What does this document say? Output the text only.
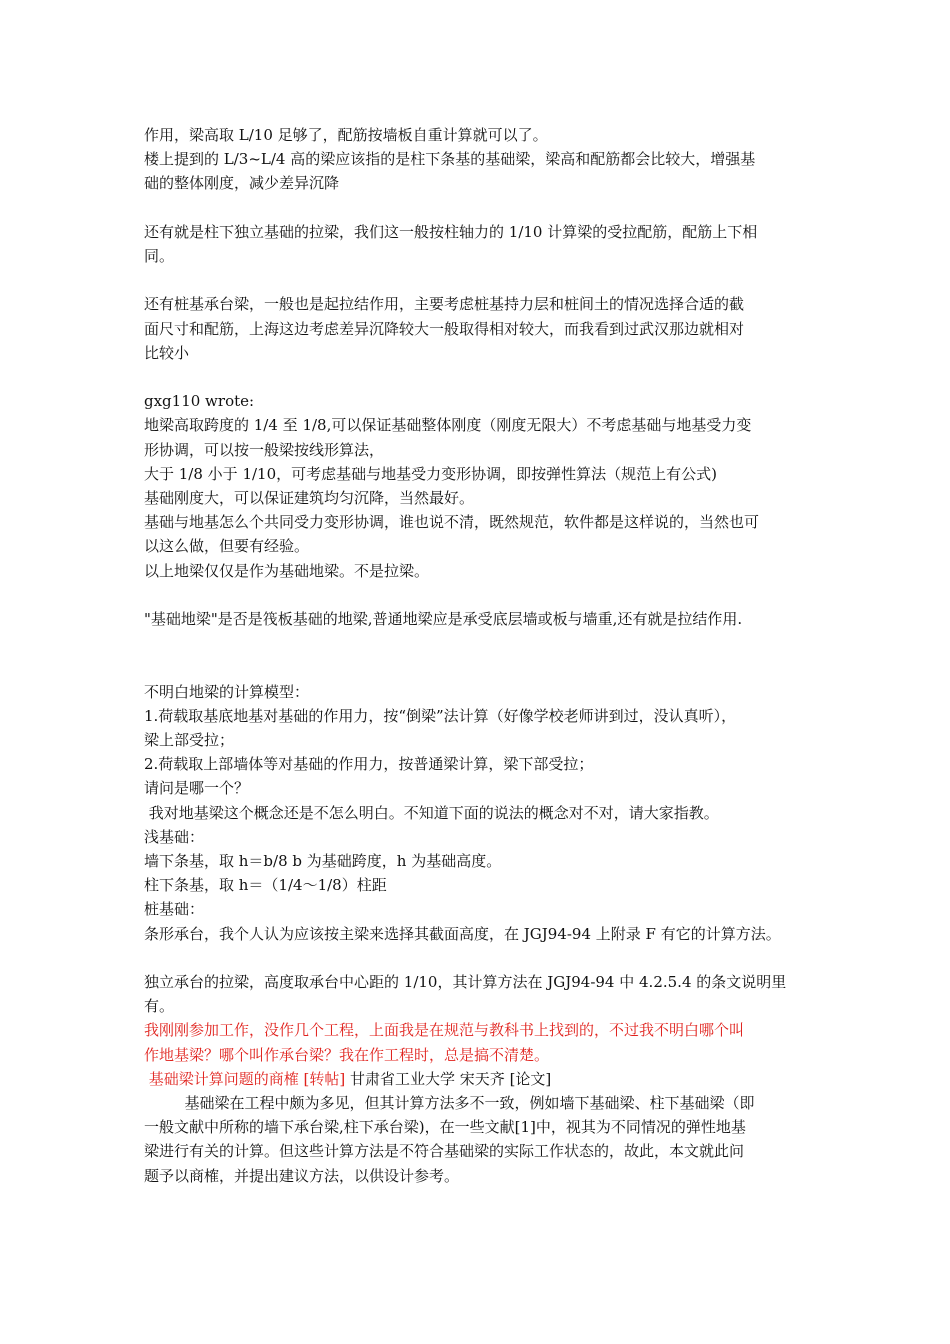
作用，梁高取 L/10 足够了，配筋按墙板自重计算就可以了。
楼上提到的 L/3~L/4 高的梁应该指的是柱下条基的基础梁，梁高和配筋都会比较大，增强基
础的整体刚度，减少差异沉降
还有就是柱下独立基础的拉梁，我们这一般按柱轴力的 1/10 计算梁的受拉配筋，配筋上下相
同。
还有桩基承台梁，一般也是起拉结作用，主要考虑桩基持力层和桩间土的情况选择合适的截
面尺寸和配筋，上海这边考虑差异沉降较大一般取得相对较大，而我看到过武汉那边就相对
比较小
gxg110 wrote:
地梁高取跨度的 1/4 至 1/8,可以保证基础整体刚度（刚度无限大）不考虑基础与地基受力变
形协调，可以按一般梁按线形算法，
大于 1/8 小于 1/10，可考虑基础与地基受力变形协调，即按弹性算法（规范上有公式)
基础刚度大，可以保证建筑均匀沉降，当然最好。
基础与地基怎么个共同受力变形协调，谁也说不清，既然规范，软件都是这样说的，当然也可
以这么做，但要有经验。
以上地梁仅仅是作为基础地梁。不是拉梁。
"基础地梁"是否是筏板基础的地梁,普通地梁应是承受底层墙或板与墙重,还有就是拉结作用.
不明白地梁的计算模型：
1.荷载取基底地基对基础的作用力，按“倒梁”法计算（好像学校老师讲到过，没认真听），
梁上部受拉；
2.荷载取上部墙体等对基础的作用力，按普通梁计算，梁下部受拉；
请问是哪一个？
我对地基梁这个概念还是不怎么明白。不知道下面的说法的概念对不对，请大家指教。
浅基础：
墙下条基，取 h＝b/8 b 为基础跨度，h 为基础高度。
柱下条基，取 h＝（1/4～1/8）柱距
桩基础：
条形承台，我个人认为应该按主梁来选择其截面高度，在 JGJ94-94 上附录 F 有它的计算方法。
独立承台的拉梁，高度取承台中心距的 1/10，其计算方法在 JGJ94-94 中 4.2.5.4 的条文说明里
有。
我刚刚参加工作，没作几个工程，上面我是在规范与教科书上找到的，不过我不明白哪个叫
作地基梁？哪个叫作承台梁？我在作工程时，总是搞不清楚。
基础梁计算问题的商榷 [转帖] 甘肃省工业大学 宋天齐 [论文]
基础梁在工程中颇为多见，但其计算方法多不一致，例如墙下基础梁、柱下基础梁（即
一般文献中所称的墙下承台梁,柱下承台梁)，在一些文献[1]中，视其为不同情况的弹性地基
梁进行有关的计算。但这些计算方法是不符合基础梁的实际工作状态的，故此，本文就此问
题予以商榷，并提出建议方法，以供设计参考。
